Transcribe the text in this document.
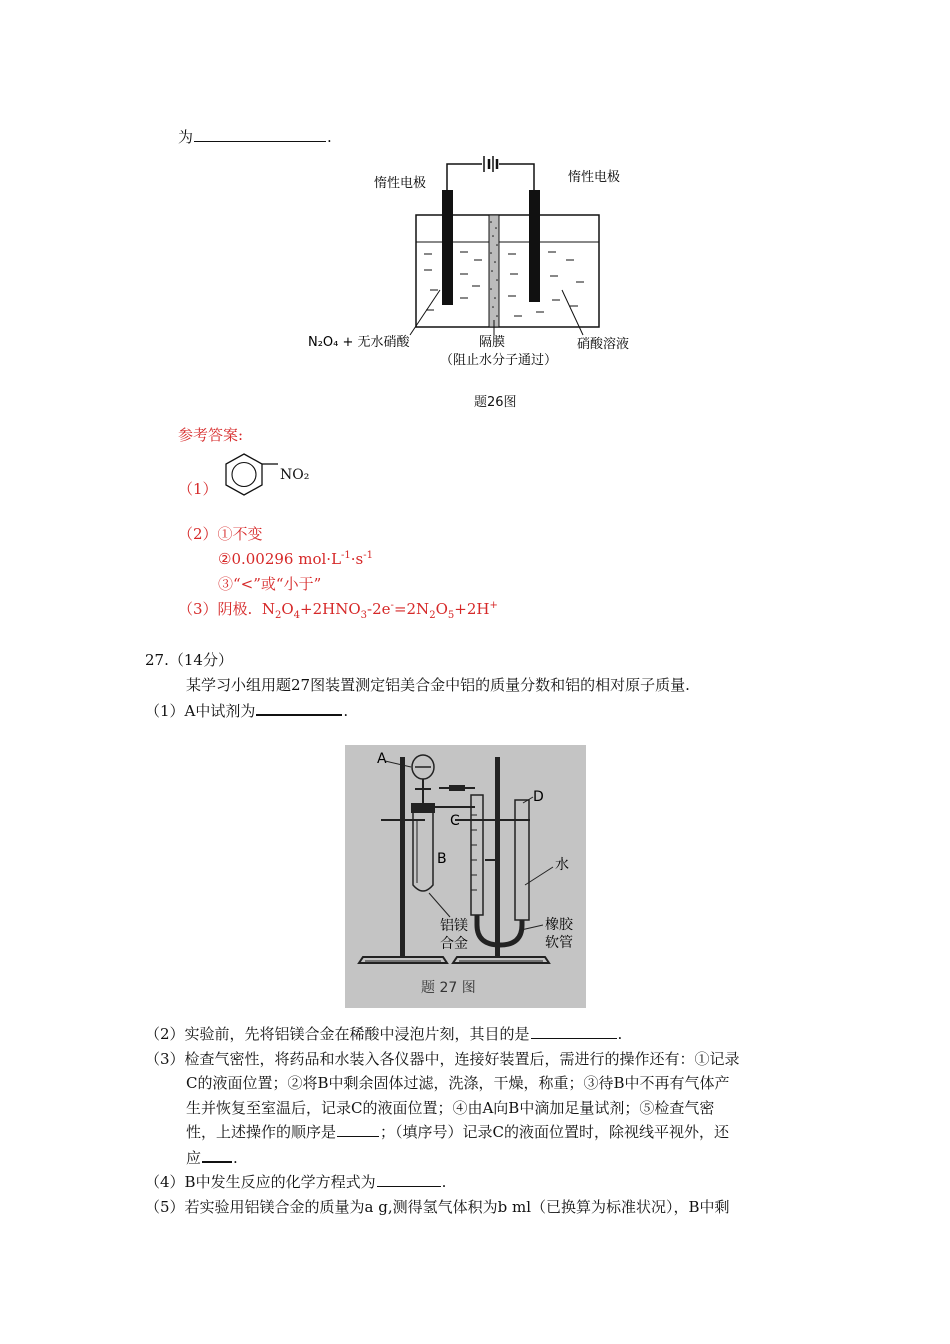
为	.
惰性电极	惰性电极
N₂O₄ + 无水硝酸	隔膜
（阻止水分子通过）
硝酸溶液
题26图
参考答案:
（1）
NO₂
（2）①不变
②0.00296 $mol\cdot L^{-1}\cdot s^{-1}$
③“<”或“小于”
（3）阴极. $N_2O_4+2HNO_3-2e^-=2N_2O_5+2H^+$
27.（14分）
某学习小组用题27图装置测定铝美合金中铝的质量分数和铝的相对原子质量.
（1）A中试剂为	.
A
B
C
D
水
铝镁
合金
橡胶
软管
题 27 图
（2）实验前，先将铝镁合金在稀酸中浸泡片刻，其目的是	.
（3）检查气密性，将药品和水装入各仪器中，连接好装置后，需进行的操作还有：①记录
C的液面位置；②将B中剩余固体过滤，洗涤，干燥，称重；③待B中不再有气体产
生并恢复至室温后，记录C的液面位置；④由A向B中滴加足量试剂；⑤检查气密
性，上述操作的顺序是	；（填序号）记录C的液面位置时，除视线平视外，还
应 .
（4）B中发生反应的化学方程式为	.
（5）若实验用铝镁合金的质量为a g,测得氢气体积为b ml（已换算为标准状况），B中剩
